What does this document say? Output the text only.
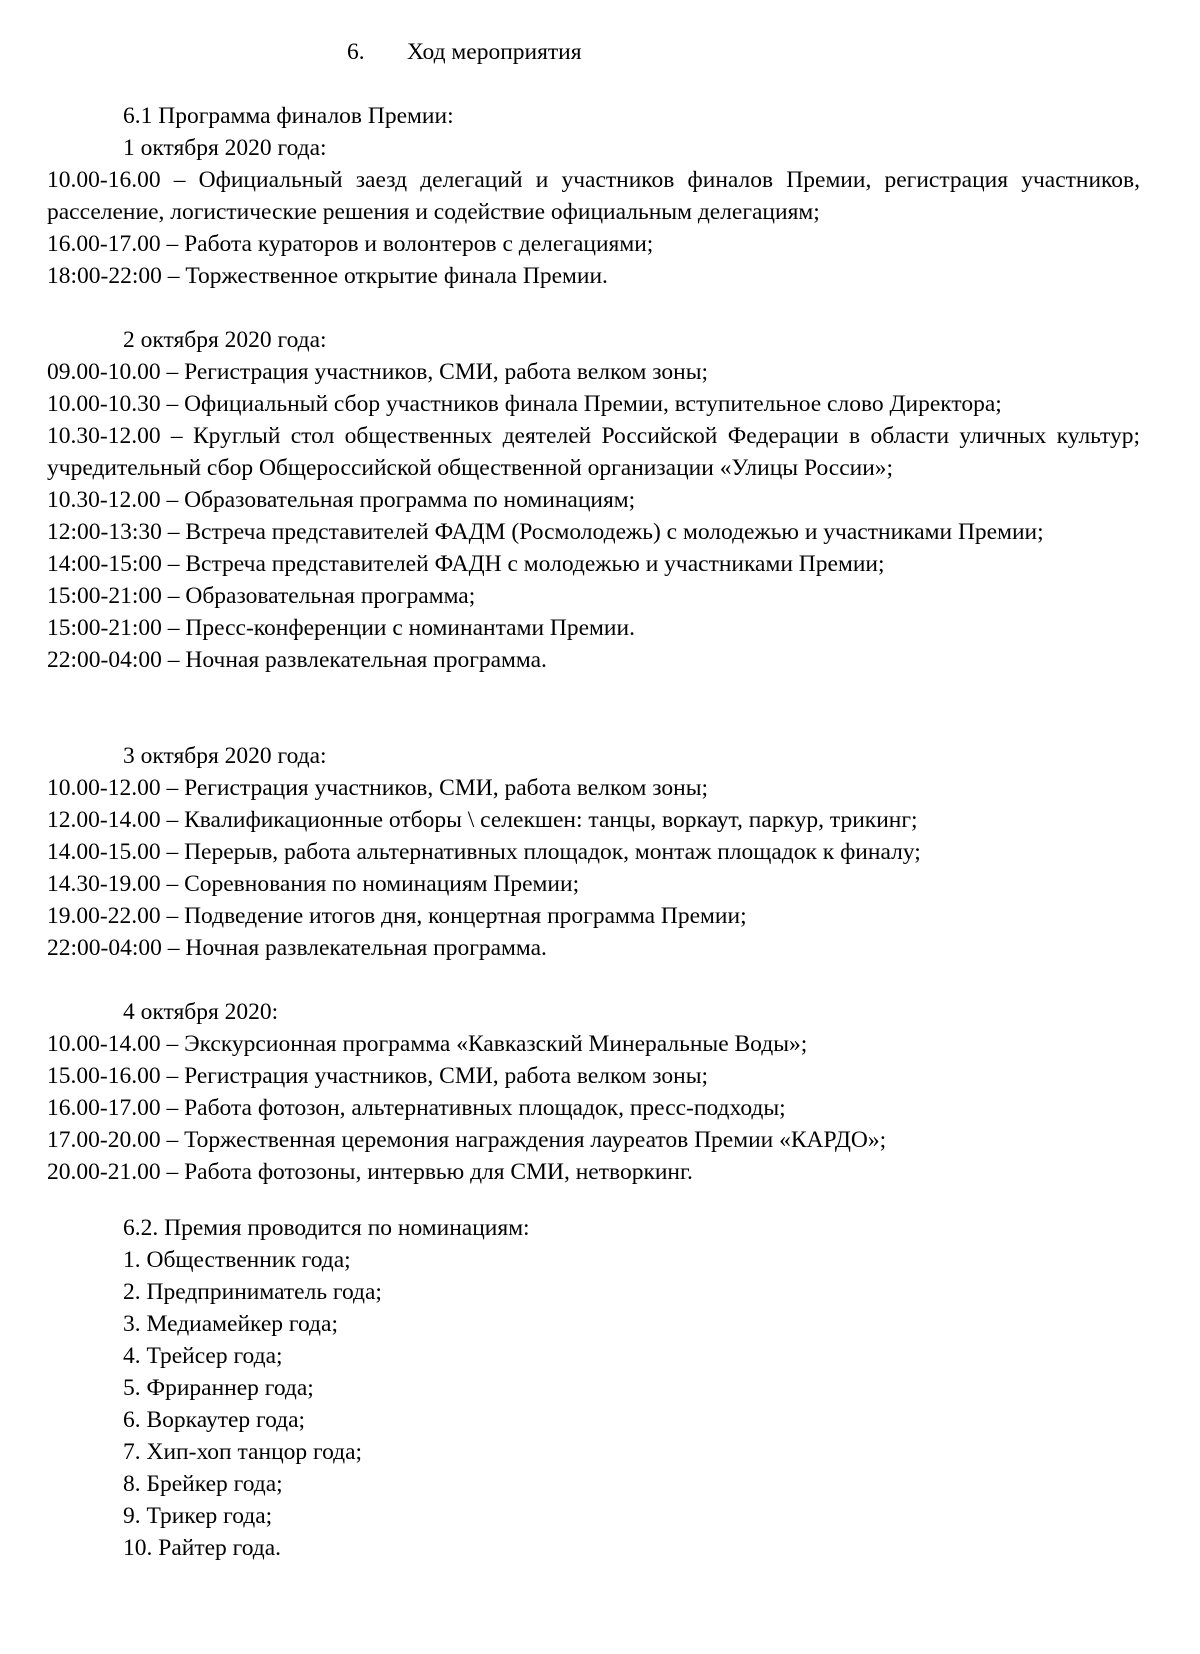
6. Ход мероприятия
6.1 Программа финалов Премии:
1 октября 2020 года:
10.00-16.00 – Официальный заезд делегаций и участников финалов Премии, регистрация участников, расселение, логистические решения и содействие официальным делегациям;
16.00-17.00 – Работа кураторов и волонтеров с делегациями;
18:00-22:00 – Торжественное открытие финала Премии.
2 октября 2020 года:
09.00-10.00 – Регистрация участников, СМИ, работа велком зоны;
10.00-10.30 – Официальный сбор участников финала Премии, вступительное слово Директора;
10.30-12.00 – Круглый стол общественных деятелей Российской Федерации в области уличных культур; учредительный сбор Общероссийской общественной организации «Улицы России»;
10.30-12.00 – Образовательная программа по номинациям;
12:00-13:30 – Встреча представителей ФАДМ (Росмолодежь) с молодежью и участниками Премии;
14:00-15:00 – Встреча представителей ФАДН с молодежью и участниками Премии;
15:00-21:00 – Образовательная программа;
15:00-21:00 – Пресс-конференции с номинантами Премии.
22:00-04:00 – Ночная развлекательная программа.
3 октября 2020 года:
10.00-12.00 – Регистрация участников, СМИ, работа велком зоны;
12.00-14.00 – Квалификационные отборы \ селекшен: танцы, воркаут, паркур, трикинг;
14.00-15.00 – Перерыв, работа альтернативных площадок, монтаж площадок к финалу;
14.30-19.00 – Соревнования по номинациям Премии;
19.00-22.00 – Подведение итогов дня, концертная программа Премии;
22:00-04:00 – Ночная развлекательная программа.
4 октября 2020:
10.00-14.00 – Экскурсионная программа «Кавказский Минеральные Воды»;
15.00-16.00 – Регистрация участников, СМИ, работа велком зоны;
16.00-17.00 – Работа фотозон, альтернативных площадок, пресс-подходы;
17.00-20.00 – Торжественная церемония награждения лауреатов Премии «КАРДО»;
20.00-21.00 – Работа фотозоны, интервью для СМИ, нетворкинг.
6.2. Премия проводится по номинациям:
1. Общественник года;
2. Предприниматель года;
3. Медиамейкер года;
4. Трейсер года;
5. Фрираннер года;
6. Воркаутер года;
7. Хип-хоп танцор года;
8. Брейкер года;
9. Трикер года;
10. Райтер года.
